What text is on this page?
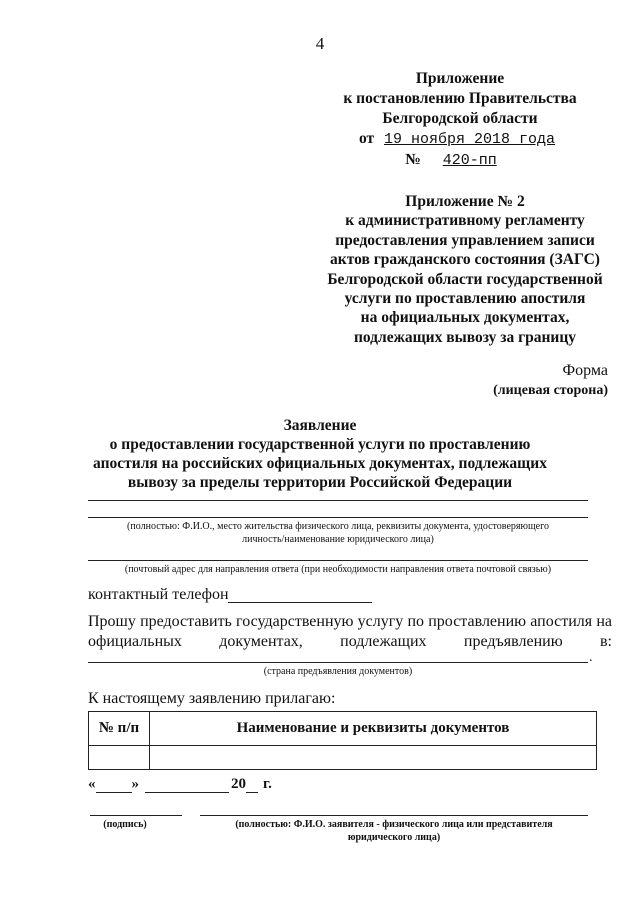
4
Приложение
к постановлению Правительства
Белгородской области
от 19 ноября 2018 года
№ 420-пп
Приложение № 2
к административному регламенту
предоставления управлением записи
актов гражданского состояния (ЗАГС)
Белгородской области государственной
услуги по проставлению апостиля
на официальных документах,
подлежащих вывозу за границу
Форма
(лицевая сторона)
Заявление
о предоставлении государственной услуги по проставлению
апостиля на российских официальных документах, подлежащих
вывозу за пределы территории Российской Федерации
(полностью: Ф.И.О., место жительства физического лица, реквизиты документа, удостоверяющего
личность/наименование юридического лица)
(почтовый адрес для направления ответа (при необходимости направления ответа почтовой связью)
контактный телефон
Прошу предоставить государственную услугу по проставлению апостиля на
официальных документах, подлежащих предъявлению в:
.
(страна предъявления документов)
К настоящему заявлению прилагаю:
№ п/п	Наименование и реквизиты документов

« »	20 г.
(подпись)	(полностью: Ф.И.О. заявителя - физического лица или представителя
юридического лица)
